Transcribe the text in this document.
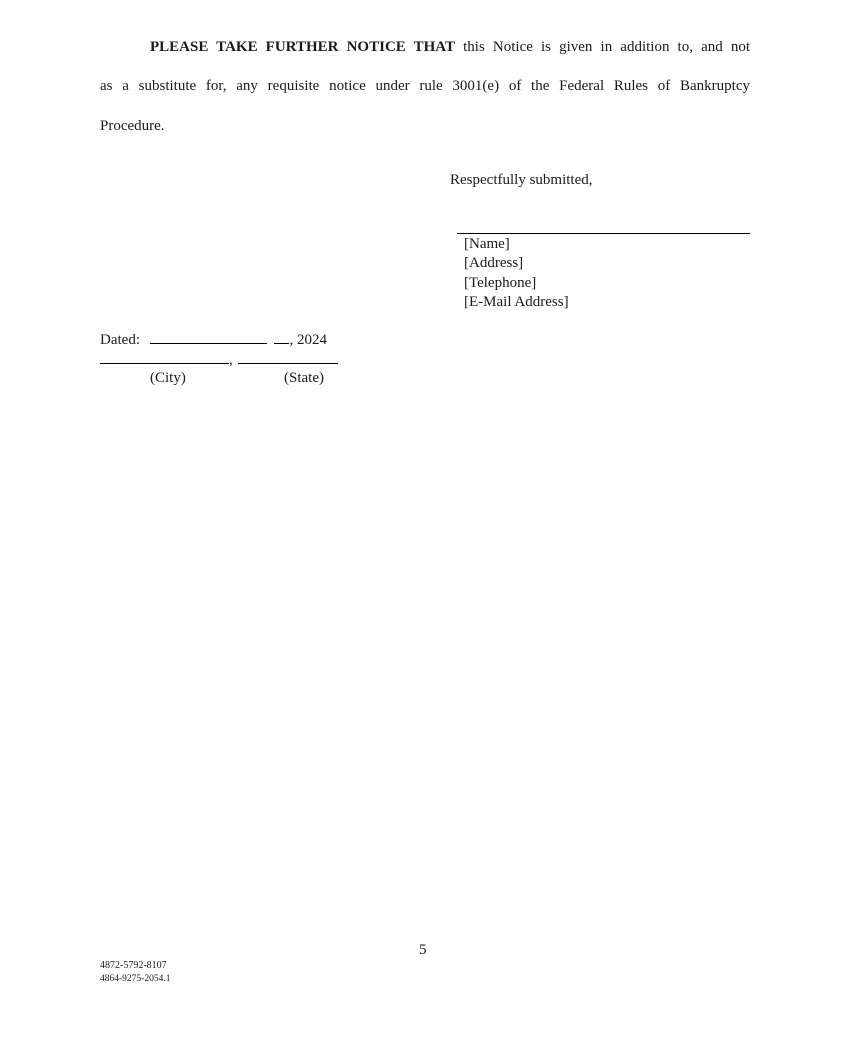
PLEASE TAKE FURTHER NOTICE THAT this Notice is given in addition to, and not
as a substitute for, any requisite notice under rule 3001(e) of the Federal Rules of Bankruptcy
Procedure.
Respectfully submitted,
[Name]
[Address]
[Telephone]
[E-Mail Address]
Dated:	, 2024
,
(City)	(State)
5
4872-5792-8107
4864-9275-2054.1
